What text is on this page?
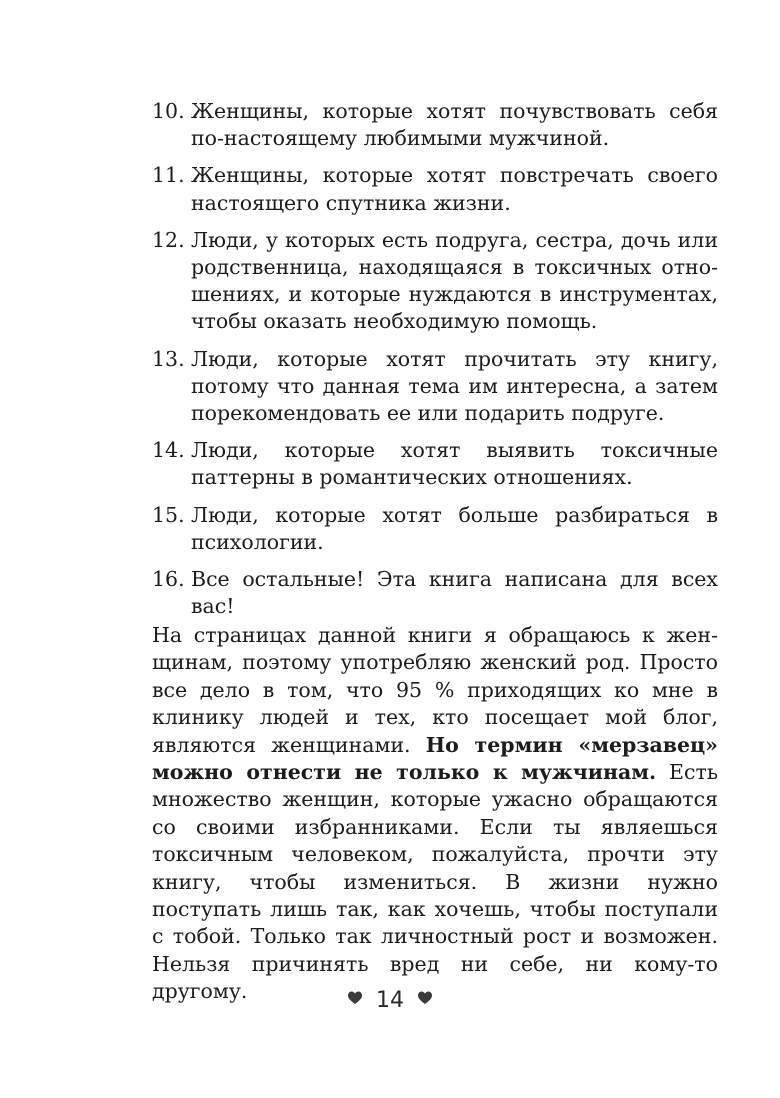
10. Женщины, которые хотят почувствовать себя по-настоящему любимыми мужчиной.
11. Женщины, которые хотят повстречать своего настоящего спутника жизни.
12. Люди, у которых есть подруга, сестра, дочь или родственница, находящаяся в токсичных отношениях, и которые нуждаются в инструментах, чтобы оказать необходимую помощь.
13. Люди, которые хотят прочитать эту книгу, потому что данная тема им интересна, а затем порекомендовать ее или подарить подруге.
14. Люди, которые хотят выявить токсичные паттерны в романтических отношениях.
15. Люди, которые хотят больше разбираться в психологии.
16. Все остальные! Эта книга написана для всех вас!

На страницах данной книги я обращаюсь к женщинам, поэтому употребляю женский род. Просто все дело в том, что 95 % приходящих ко мне в клинику людей и тех, кто посещает мой блог, являются женщинами. Но термин «мерзавец» можно отнести не только к мужчинам. Есть множество женщин, которые ужасно обращаются со своими избранниками. Если ты являешься токсичным человеком, пожалуйста, прочти эту книгу, чтобы измениться. В жизни нужно поступать лишь так, как хочешь, чтобы поступали с тобой. Только так личностный рост и возможен. Нельзя причинять вред ни себе, ни кому-то другому.	14
